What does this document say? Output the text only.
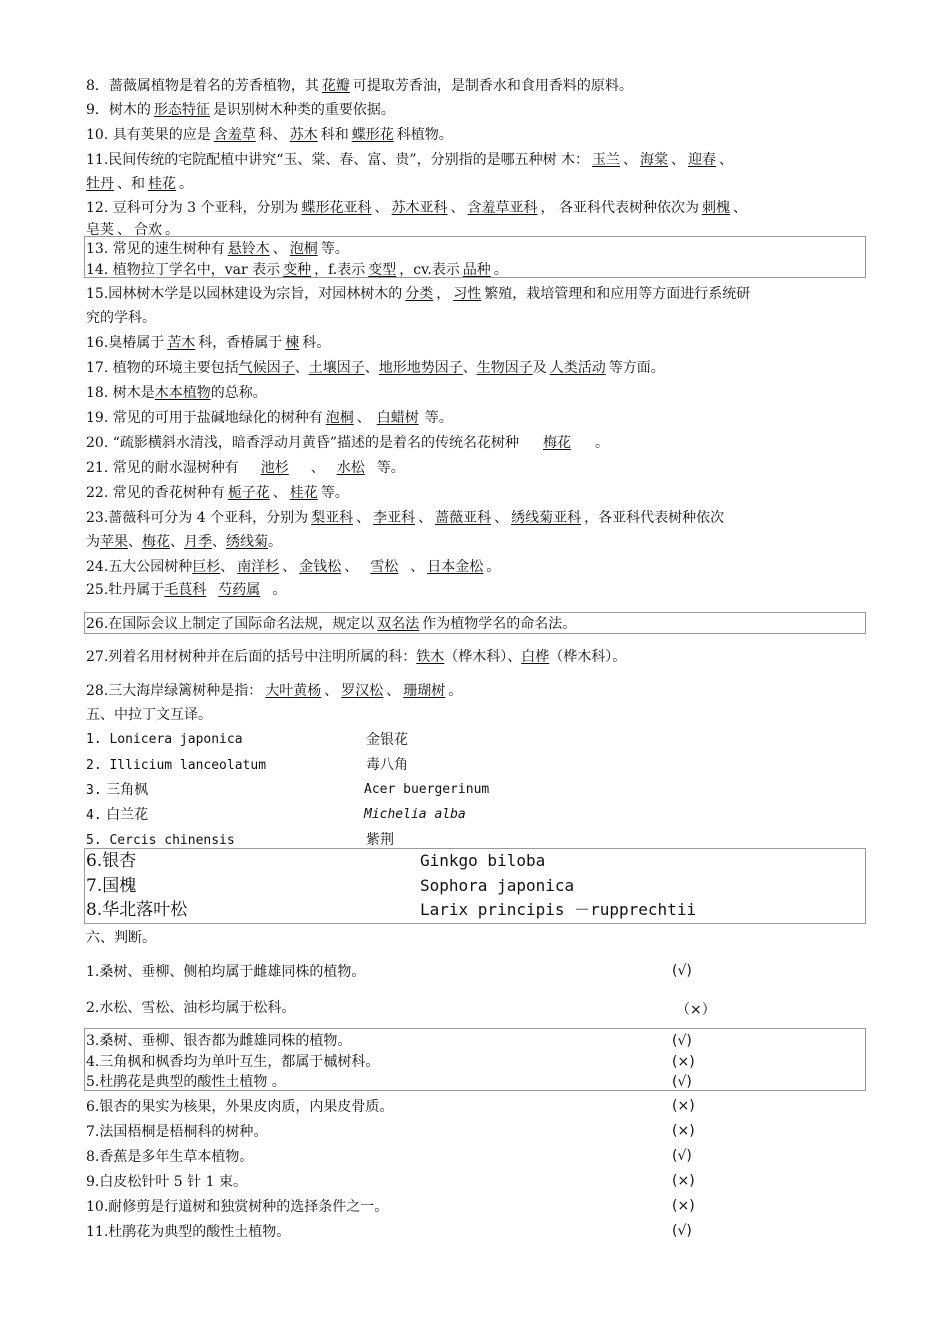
8．蔷薇属植物是着名的芳香植物，其 花瓣 可提取芳香油，是制香水和食用香料的原料。
9．树木的 形态特征 是识别树木种类的重要依据。
10. 具有荚果的应是 含羞草 科、 苏木 科和 蝶形花 科植物。
11.民间传统的宅院配植中讲究“玉、棠、春、富、贵”，分别指的是哪五种树 木： 玉兰 、 海棠 、 迎春 、
牡丹 、和 桂花 。
12. 豆科可分为 3 个亚科，分别为 蝶形花亚科 、 苏木亚科 、 含羞草亚科 ， 各亚科代表树种依次为 刺槐 、
皂荚 、 合欢 。
13. 常见的速生树种有 悬铃木 、 泡桐 等。
14. 植物拉丁学名中，var 表示 变种 ，f.表示 变型 ，cv.表示 品种 。
15.园林树木学是以园林建设为宗旨，对园林树木的 分类 ， 习性 繁殖，栽培管理和和应用等方面进行系统研
究的学科。
16.臭椿属于 苦木 科，香椿属于 楝 科。
17. 植物的环境主要包括气候因子、土壤因子、地形地势因子、生物因子及 人类活动 等方面。
18. 树木是木本植物的总称。
19. 常见的可用于盐碱地绿化的树种有 泡桐 、 白蜡树 等。
20. “疏影横斜水清浅，暗香浮动月黄昏”描述的是着名的传统名花树种 梅花 。
21. 常见的耐水湿树种有 池杉 、 水松 等。
22. 常见的香花树种有 栀子花 、 桂花 等。
23.蔷薇科可分为 4 个亚科，分别为 梨亚科 、 李亚科 、 蔷薇亚科 、 绣线菊亚科 ，各亚科代表树种依次
为苹果、梅花、月季、绣线菊。
24.五大公园树种巨杉、 南洋杉 、 金钱松 、 雪松 、 日本金松 。
25.牡丹属于毛茛科 芍药属 。
26.在国际会议上制定了国际命名法规，规定以 双名法 作为植物学名的命名法。
27.列着名用材树种并在后面的括号中注明所属的科：铁木（桦木科）、白桦（桦木科）。
28.三大海岸绿篱树种是指： 大叶黄杨 、 罗汉松 、 珊瑚树 。
五、中拉丁文互译。
1. Lonicera japonica	金银花
2. Illicium lanceolatum	毒八角
3. 三角枫	Acer buergerinum
4. 白兰花	Michelia alba
5. Cercis chinensis	紫荆
6.银杏	Ginkgo biloba
7.国槐	Sophora japonica
8.华北落叶松	Larix principis －rupprechtii
六、判断。
1.桑树、垂柳、侧柏均属于雌雄同株的植物。	(√)
2.水松、雪松、油杉均属于松科。	（×）
3.桑树、垂柳、银杏都为雌雄同株的植物。	(√)
4.三角枫和枫香均为单叶互生，都属于槭树科。	(×)
5.杜鹃花是典型的酸性土植物 。	(√)
6.银杏的果实为核果，外果皮肉质，内果皮骨质。	(×)
7.法国梧桐是梧桐科的树种。	(×)
8.香蕉是多年生草本植物。	(√)
9.白皮松针叶 5 针 1 束。	(×)
10.耐修剪是行道树和独赏树种的选择条件之一。	(×)
11.杜鹃花为典型的酸性土植物。	(√)
